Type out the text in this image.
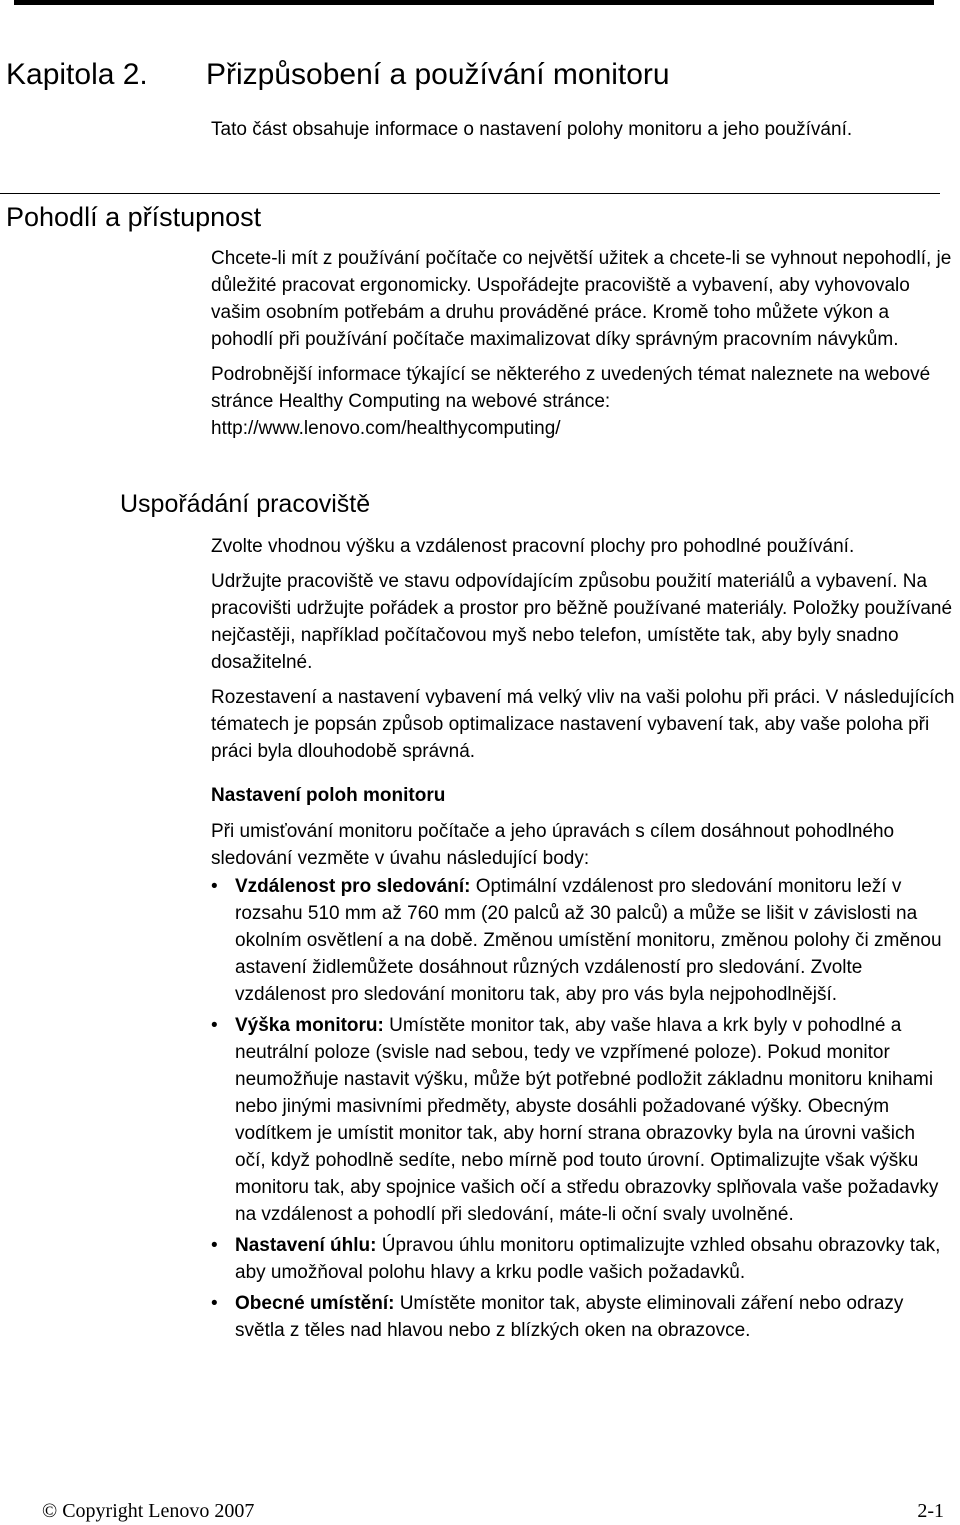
Kapitola 2. Přizpůsobení a používání monitoru

Tato část obsahuje informace o nastavení polohy monitoru a jeho používání.

Pohodlí a přístupnost

Chcete-li mít z používání počítače co největší užitek a chcete-li se vyhnout nepohodlí, je důležité pracovat ergonomicky. Uspořádejte pracoviště a vybavení, aby vyhovovalo vašim osobním potřebám a druhu prováděné práce. Kromě toho můžete výkon a pohodlí při používání počítače maximalizovat díky správným pracovním návykům.

Podrobnější informace týkající se některého z uvedených témat naleznete na webové stránce Healthy Computing na webové stránce: http://www.lenovo.com/healthycomputing/

Uspořádání pracoviště

Zvolte vhodnou výšku a vzdálenost pracovní plochy pro pohodlné používání.

Udržujte pracoviště ve stavu odpovídajícím způsobu použití materiálů a vybavení. Na pracovišti udržujte pořádek a prostor pro běžně používané materiály. Položky používané nejčastěji, například počítačovou myš nebo telefon, umístěte tak, aby byly snadno dosažitelné.

Rozestavení a nastavení vybavení má velký vliv na vaši polohu při práci. V následujících tématech je popsán způsob optimalizace nastavení vybavení tak, aby vaše poloha při práci byla dlouhodobě správná.

Nastavení poloh monitoru

Při umisťování monitoru počítače a jeho úpravách s cílem dosáhnout pohodlného sledování vezměte v úvahu následující body:

• Vzdálenost pro sledování: Optimální vzdálenost pro sledování monitoru leží v rozsahu 510 mm až 760 mm (20 palců až 30 palců) a může se lišit v závislosti na okolním osvětlení a na době. Změnou umístění monitoru, změnou polohy či změnou astavení židlemůžete dosáhnout různých vzdáleností pro sledování. Zvolte vzdálenost pro sledování monitoru tak, aby pro vás byla nejpohodlnější.
• Výška monitoru: Umístěte monitor tak, aby vaše hlava a krk byly v pohodlné a neutrální poloze (svisle nad sebou, tedy ve vzpřímené poloze). Pokud monitor neumožňuje nastavit výšku, může být potřebné podložit základnu monitoru knihami nebo jinými masivními předměty, abyste dosáhli požadované výšky. Obecným vodítkem je umístit monitor tak, aby horní strana obrazovky byla na úrovni vašich očí, když pohodlně sedíte, nebo mírně pod touto úrovní. Optimalizujte však výšku monitoru tak, aby spojnice vašich očí a středu obrazovky splňovala vaše požadavky na vzdálenost a pohodlí při sledování, máte-li oční svaly uvolněné.
• Nastavení úhlu: Úpravou úhlu monitoru optimalizujte vzhled obsahu obrazovky tak, aby umožňoval polohu hlavy a krku podle vašich požadavků.
• Obecné umístění: Umístěte monitor tak, abyste eliminovali záření nebo odrazy světla z těles nad hlavou nebo z blízkých oken na obrazovce.
© Copyright Lenovo 2007	2-1
